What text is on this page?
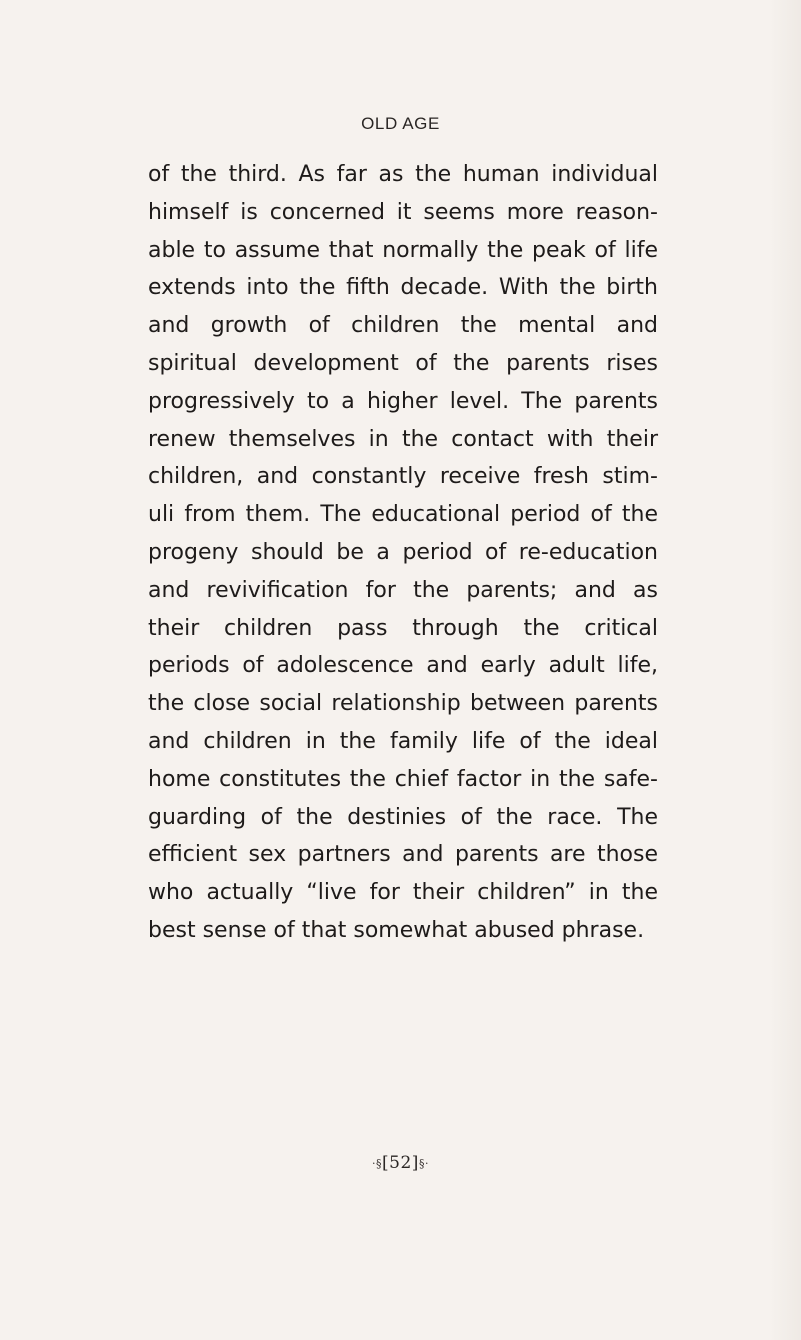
OLD AGE
of the third. As far as the human individual
himself is concerned it seems more reason-
able to assume that normally the peak of life
extends into the fifth decade. With the birth
and growth of children the mental and
spiritual development of the parents rises
progressively to a higher level. The parents
renew themselves in the contact with their
children, and constantly receive fresh stim-
uli from them. The educational period of the
progeny should be a period of re-education
and revivification for the parents; and as
their children pass through the critical
periods of adolescence and early adult life,
the close social relationship between parents
and children in the family life of the ideal
home constitutes the chief factor in the safe-
guarding of the destinies of the race. The
efficient sex partners and parents are those
who actually “live for their children” in the
best sense of that somewhat abused phrase.
·§[52]§·
